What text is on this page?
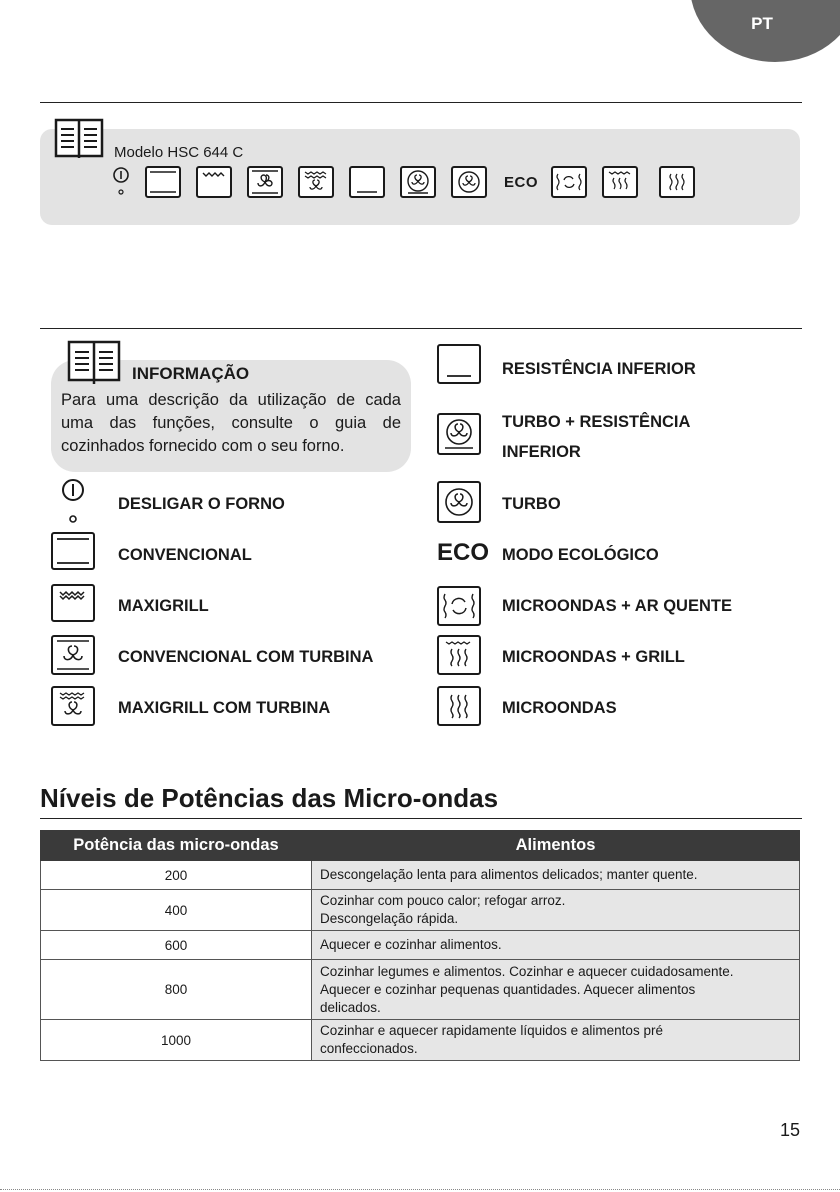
PT
Modelo HSC 644 C
ECO
INFORMAÇÃO
Para uma descrição da utilização de cada uma das funções, consulte o guia de cozinhados fornecido com o seu forno.
DESLIGAR O FORNO
CONVENCIONAL
MAXIGRILL
CONVENCIONAL COM TURBINA
MAXIGRILL COM TURBINA
RESISTÊNCIA INFERIOR
TURBO + RESISTÊNCIA
INFERIOR
TURBO
ECO MODO ECOLÓGICO
MICROONDAS + AR QUENTE
MICROONDAS + GRILL
MICROONDAS
Níveis de Potências das Micro-ondas
Potência das micro-ondas	Alimentos
200	Descongelação lenta para alimentos delicados; manter quente.

400	Cozinhar com pouco calor; refogar arroz.
Descongelação rápida.

600	Aquecer e cozinhar alimentos.

800	Cozinhar legumes e alimentos. Cozinhar e aquecer cuidadosamente.
Aquecer e cozinhar pequenas quantidades. Aquecer alimentos
delicados.

1000	Cozinhar e aquecer rapidamente líquidos e alimentos pré
confeccionados.
15
